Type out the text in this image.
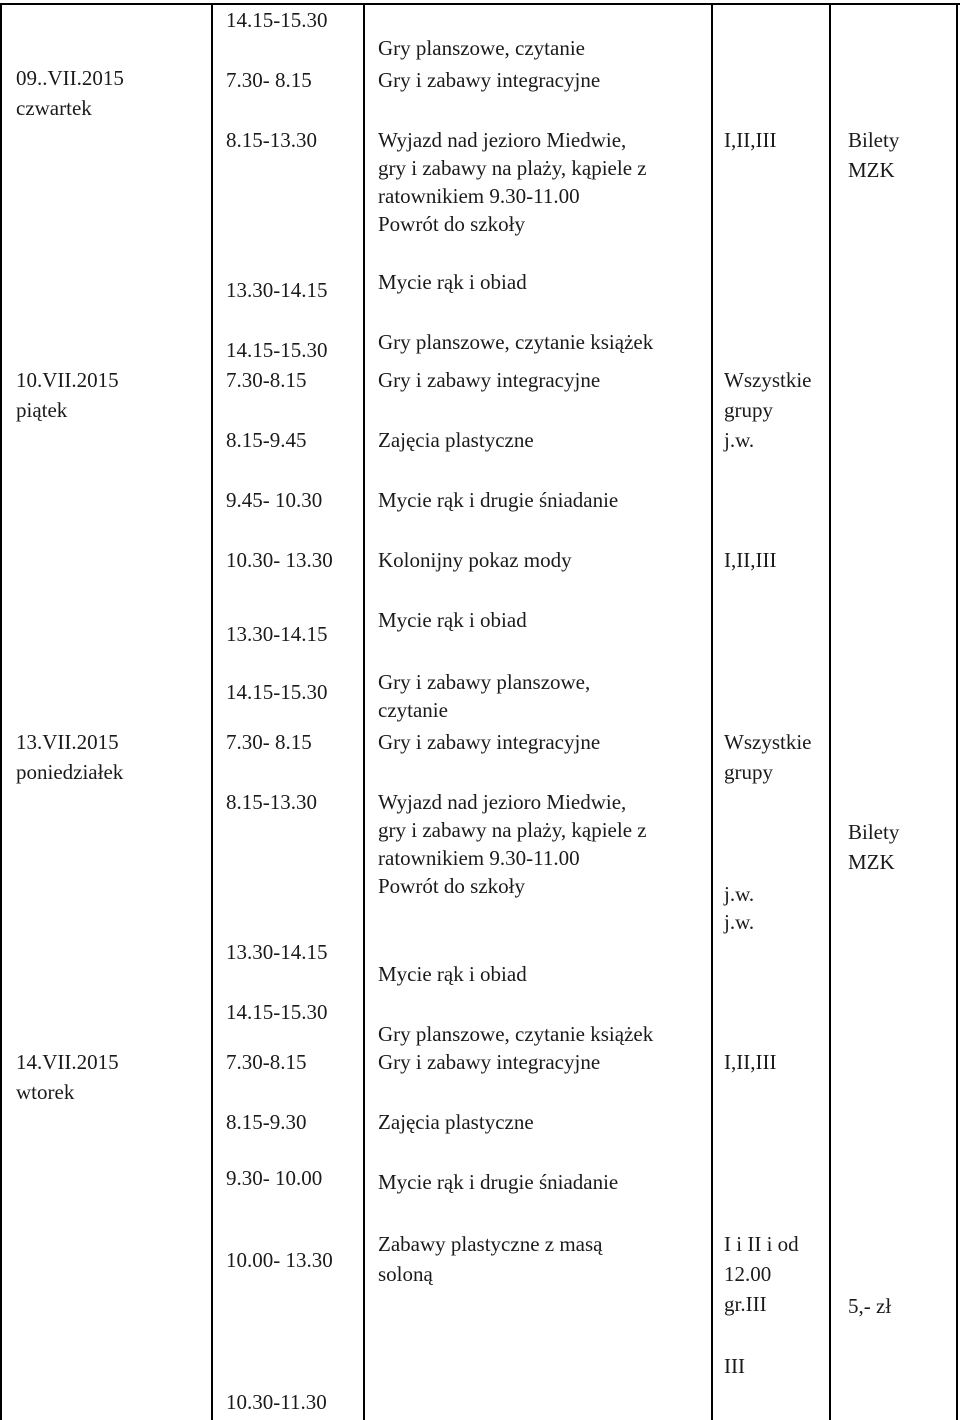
09..VII.2015
czwartek
10.VII.2015
piątek
13.VII.2015
poniedziałek
14.VII.2015
wtorek
14.15-15.30
7.30- 8.15
8.15-13.30
13.30-14.15
14.15-15.30
7.30-8.15
8.15-9.45
9.45- 10.30
10.30- 13.30
13.30-14.15
14.15-15.30
7.30- 8.15
8.15-13.30
13.30-14.15
14.15-15.30
7.30-8.15
8.15-9.30
9.30- 10.00
10.00- 13.30
10.30-11.30
Gry planszowe, czytanie
Gry i zabawy integracyjne
Wyjazd nad jezioro Miedwie,
gry i zabawy na plaży, kąpiele z
ratownikiem 9.30-11.00
Powrót do szkoły
Mycie rąk i obiad
Gry planszowe, czytanie książek
Gry i zabawy integracyjne
Zajęcia plastyczne
Mycie rąk i drugie śniadanie
Kolonijny pokaz mody
Mycie rąk i obiad
Gry i zabawy planszowe,
czytanie
Gry i zabawy integracyjne
Wyjazd nad jezioro Miedwie,
gry i zabawy na plaży, kąpiele z
ratownikiem 9.30-11.00
Powrót do szkoły
Mycie rąk i obiad
Gry planszowe, czytanie książek
Gry i zabawy integracyjne
Zajęcia plastyczne
Mycie rąk i drugie śniadanie
Zabawy plastyczne z masą
soloną
I,II,III
Wszystkie
grupy
j.w.
I,II,III
Wszystkie
grupy
j.w.
j.w.
I,II,III
I i II i od
12.00
gr.III
III
Bilety
MZK
Bilety
MZK
5,- zł
